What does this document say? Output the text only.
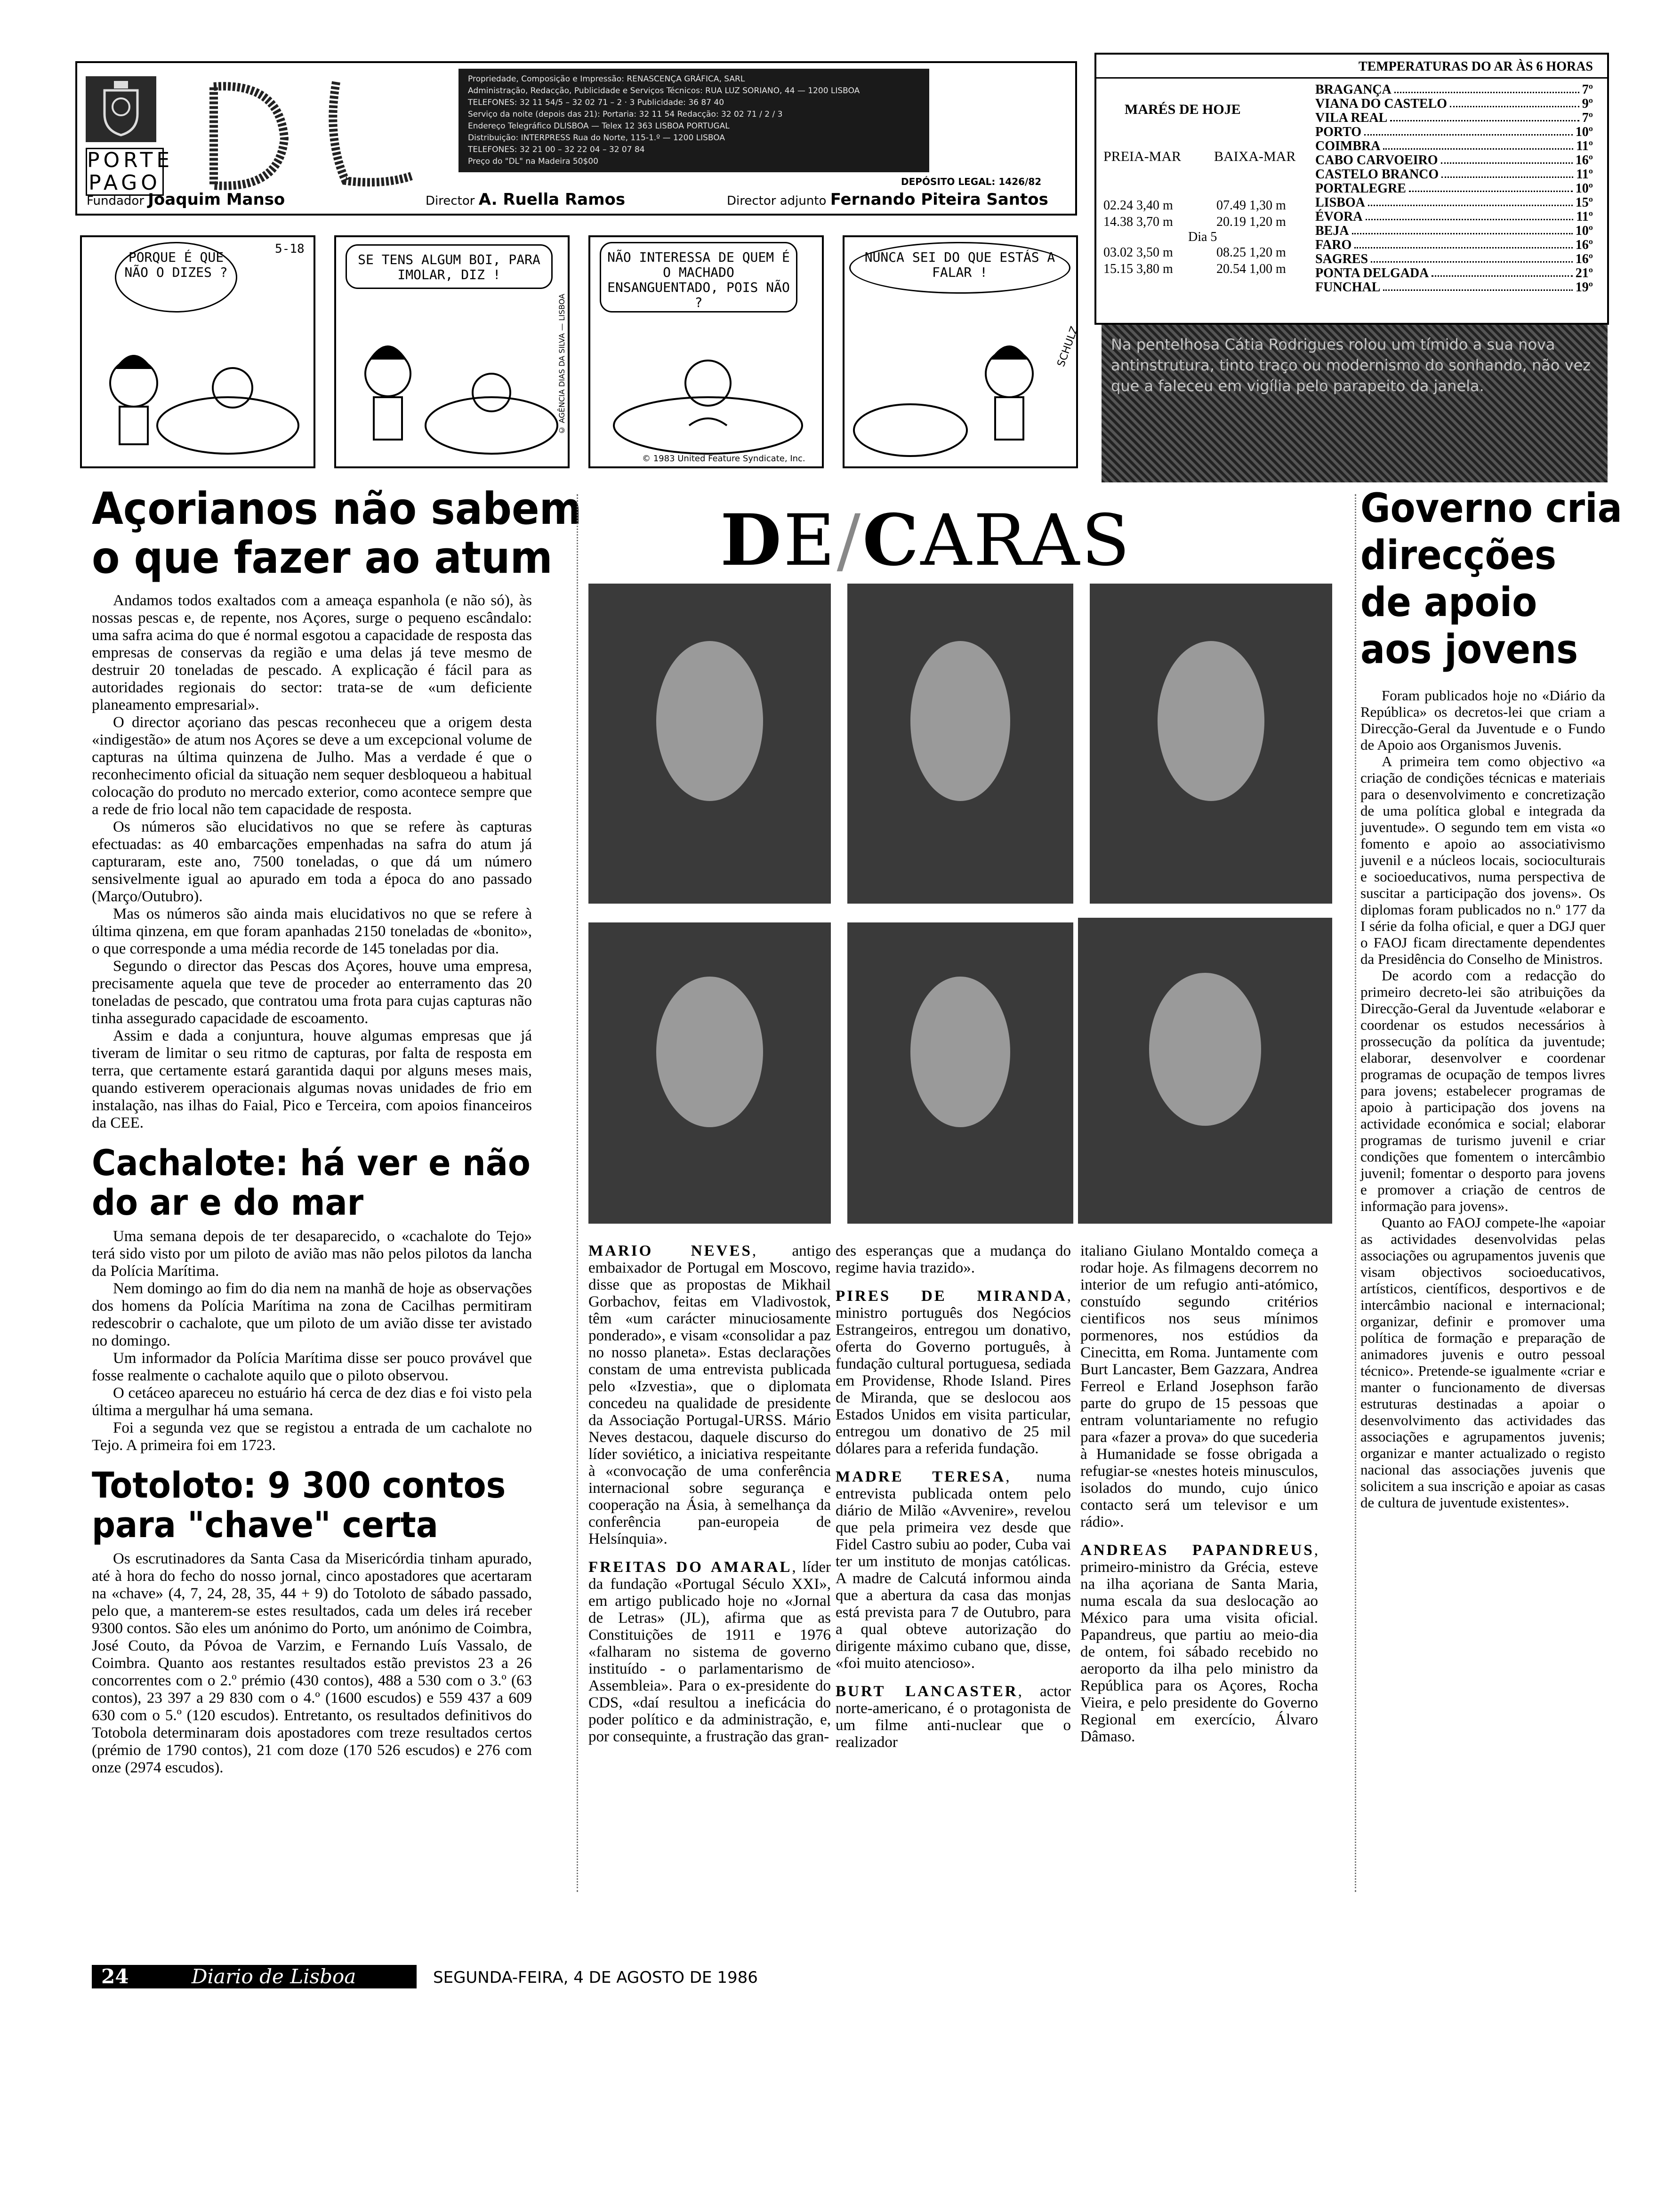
PORTE
PAGO
Propriedade, Composição e Impressão: RENASCENÇA GRÁFICA, SARL
Administração, Redacção, Publicidade e Serviços Técnicos: RUA LUZ SORIANO, 44 — 1200 LISBOA
TELEFONES: 32 11 54/5 – 32 02 71 – 2 · 3 Publicidade: 36 87 40
Serviço da noite (depois das 21): Portaria: 32 11 54 Redacção: 32 02 71 / 2 / 3
Endereço Telegráfico DLISBOA — Telex 12 363 LISBOA PORTUGAL
Distribuição: INTERPRESS Rua do Norte, 115-1.º — 1200 LISBOA
TELEFONES: 32 21 00 – 32 22 04 – 32 07 84
Preço do "DL" na Madeira 50$00
DEPÓSITO LEGAL: 1426/82
Fundador Joaquim Manso	Director A. Ruella Ramos	Director adjunto Fernando Piteira Santos
PORQUE É QUE NÃO O DIZES ?
5-18
SE TENS ALGUM BOI, PARA IMOLAR, DIZ !
© AGÊNCIA DIAS DA SILVA — LISBOA
NÃO INTERESSA DE QUEM É O MACHADO ENSANGUENTADO, POIS NÃO ?
© 1983 United Feature Syndicate, Inc.
NUNCA SEI DO QUE ESTÁS A FALAR !
SCHULZ
TEMPERATURAS DO AR ÀS 6 HORAS
MARÉS DE HOJE
PREIA-MAR BAIXA-MAR
02.24 3,40 m	07.49 1,30 m
14.38 3,70 m	20.19 1,20 m
Dia 5
03.02 3,50 m	08.25 1,20 m
15.15 3,80 m	20.54 1,00 m
BRAGANÇA	7º
VIANA DO CASTELO	9º
VILA REAL	7º
PORTO	10º
COIMBRA	11º
CABO CARVOEIRO	16º
CASTELO BRANCO	11º
PORTALEGRE	10º
LISBOA	15º
ÉVORA	11º
BEJA	10º
FARO	16º
SAGRES	16º
PONTA DELGADA	21º
FUNCHAL	19º
Na pentelhosa Cátia Rodrigues rolou um tímido a sua nova antinstrutura, tinto traço ou modernismo do sonhando, não vez que a faleceu em vigília pelo parapeito da janela.
Açorianos não sabem
o que fazer ao atum

Andamos todos exaltados com a ameaça espanhola (e não só), às nossas pescas e, de repente, nos Açores, surge o pequeno escândalo: uma safra acima do que é normal esgotou a capacidade de resposta das empresas de conservas da região e uma delas já teve mesmo de destruir 20 toneladas de pescado. A explicação é fácil para as autoridades regionais do sector: trata-se de «um deficiente planeamento empresarial».

O director açoriano das pescas reconheceu que a origem desta «indigestão» de atum nos Açores se deve a um excepcional volume de capturas na última quinzena de Julho. Mas a verdade é que o reconhecimento oficial da situação nem sequer desbloqueou a habitual colocação do produto no mercado exterior, como acontece sempre que a rede de frio local não tem capacidade de resposta.

Os números são elucidativos no que se refere às capturas efectuadas: as 40 embarcações empenhadas na safra do atum já capturaram, este ano, 7500 toneladas, o que dá um número sensivelmente igual ao apurado em toda a época do ano passado (Março/Outubro).

Mas os números são ainda mais elucidativos no que se refere à última qinzena, em que foram apanhadas 2150 toneladas de «bonito», o que corresponde a uma média recorde de 145 toneladas por dia.

Segundo o director das Pescas dos Açores, houve uma empresa, precisamente aquela que teve de proceder ao enterramento das 20 toneladas de pescado, que contratou uma frota para cujas capturas não tinha assegurado capacidade de escoamento.

Assim e dada a conjuntura, houve algumas empresas que já tiveram de limitar o seu ritmo de capturas, por falta de resposta em terra, que certamente estará garantida daqui por alguns meses mais, quando estiverem operacionais algumas novas unidades de frio em instalação, nas ilhas do Faial, Pico e Terceira, com apoios financeiros da CEE.

Cachalote: há ver e não
do ar e do mar

Uma semana depois de ter desaparecido, o «cachalote do Tejo» terá sido visto por um piloto de avião mas não pelos pilotos da lancha da Polícia Marítima.

Nem domingo ao fim do dia nem na manhã de hoje as observações dos homens da Polícia Marítima na zona de Cacilhas permitiram redescobrir o cachalote, que um piloto de um avião disse ter avistado no domingo.

Um informador da Polícia Marítima disse ser pouco provável que fosse realmente o cachalote aquilo que o piloto observou.

O cetáceo apareceu no estuário há cerca de dez dias e foi visto pela última a mergulhar há uma semana.

Foi a segunda vez que se registou a entrada de um cachalote no Tejo. A primeira foi em 1723.

Totoloto: 9 300 contos
para "chave" certa

Os escrutinadores da Santa Casa da Misericórdia tinham apurado, até à hora do fecho do nosso jornal, cinco apostadores que acertaram na «chave» (4, 7, 24, 28, 35, 44 + 9) do Totoloto de sábado passado, pelo que, a manterem-se estes resultados, cada um deles irá receber 9300 contos. São eles um anónimo do Porto, um anónimo de Coimbra, José Couto, da Póvoa de Varzim, e Fernando Luís Vassalo, de Coimbra. Quanto aos restantes resultados estão previstos 23 a 26 concorrentes com o 2.º prémio (430 contos), 488 a 530 com o 3.º (63 contos), 23 397 a 29 830 com o 4.º (1600 escudos) e 559 437 a 609 630 com o 5.º (120 escudos). Entretanto, os resultados definitivos do Totobola determinaram dois apostadores com treze resultados certos (prémio de 1790 contos), 21 com doze (170 526 escudos) e 276 com onze (2974 escudos).

DE/CARAS
MARIO NEVES, antigo embaixador de Portugal em Moscovo, disse que as propostas de Mikhail Gorbachov, feitas em Vladivostok, têm «um carácter minuciosamente ponderado», e visam «consolidar a paz no nosso planeta». Estas declarações constam de uma entrevista publicada pelo «Izvestia», que o diplomata concedeu na qualidade de presidente da Associação Portugal-URSS. Mário Neves destacou, daquele discurso do líder soviético, a iniciativa respeitante à «convocação de uma conferência internacional sobre segurança e cooperação na Ásia, à semelhança da conferência pan-europeia de Helsínquia».
FREITAS DO AMARAL, líder da fundação «Portugal Século XXI», em artigo publicado hoje no «Jornal de Letras» (JL), afirma que as Constituições de 1911 e 1976 «falharam no sistema de governo instituído - o parlamentarismo de Assembleia». Para o ex-presidente do CDS, «daí resultou a ineficácia do poder político e da administração, e, por consequinte, a frustração das gran-
des esperanças que a mudança do regime havia trazido».
PIRES DE MIRANDA, ministro português dos Negócios Estrangeiros, entregou um donativo, oferta do Governo português, à fundação cultural portuguesa, sediada em Providense, Rhode Island. Pires de Miranda, que se deslocou aos Estados Unidos em visita particular, entregou um donativo de 25 mil dólares para a referida fundação.
MADRE TERESA, numa entrevista publicada ontem pelo diário de Milão «Avvenire», revelou que pela primeira vez desde que Fidel Castro subiu ao poder, Cuba vai ter um instituto de monjas católicas. A madre de Calcutá informou ainda que a abertura da casa das monjas está prevista para 7 de Outubro, para a qual obteve autorização do dirigente máximo cubano que, disse, «foi muito atencioso».
BURT LANCASTER, actor norte-americano, é o protagonista de um filme anti-nuclear que o realizador
italiano Giulano Montaldo começa a rodar hoje. As filmagens decorrem no interior de um refugio anti-atómico, constuído segundo critérios cientificos nos seus mínimos pormenores, nos estúdios da Cinecitta, em Roma. Juntamente com Burt Lancaster, Bem Gazzara, Andrea Ferreol e Erland Josephson farão parte do grupo de 15 pessoas que entram voluntariamente no refugio para «fazer a prova» do que sucederia à Humanidade se fosse obrigada a refugiar-se «nestes hoteis minusculos, isolados do mundo, cujo único contacto será um televisor e um rádio».
ANDREAS PAPANDREUS, primeiro-ministro da Grécia, esteve na ilha açoriana de Santa Maria, numa escala da sua deslocação ao México para uma visita oficial. Papandreus, que partiu ao meio-dia de ontem, foi sábado recebido no aeroporto da ilha pelo ministro da República para os Açores, Rocha Vieira, e pelo presidente do Governo Regional em exercício, Álvaro Dâmaso.
Governo cria
direcções
de apoio
aos jovens

Foram publicados hoje no «Diário da República» os decretos-lei que criam a Direcção-Geral da Juventude e o Fundo de Apoio aos Organismos Juvenis.

A primeira tem como objectivo «a criação de condições técnicas e materiais para o desenvolvimento e concretização de uma política global e integrada da juventude». O segundo tem em vista «o fomento e apoio ao associativismo juvenil e a núcleos locais, socioculturais e socioeducativos, numa perspectiva de suscitar a participação dos jovens». Os diplomas foram publicados no n.º 177 da I série da folha oficial, e quer a DGJ quer o FAOJ ficam directamente dependentes da Presidência do Conselho de Ministros.

De acordo com a redacção do primeiro decreto-lei são atribuições da Direcção-Geral da Juventude «elaborar e coordenar os estudos necessários à prossecução da política da juventude; elaborar, desenvolver e coordenar programas de ocupação de tempos livres para jovens; estabelecer programas de apoio à participação dos jovens na actividade económica e social; elaborar programas de turismo juvenil e criar condições que fomentem o intercâmbio juvenil; fomentar o desporto para jovens e promover a criação de centros de informação para jovens».

Quanto ao FAOJ compete-lhe «apoiar as actividades desenvolvidas pelas associações ou agrupamentos juvenis que visam objectivos socioeducativos, artísticos, científicos, desportivos e de intercâmbio nacional e internacional; organizar, definir e promover uma política de formação e preparação de animadores juvenis e outro pessoal técnico». Pretende-se igualmente «criar e manter o funcionamento de diversas estruturas destinadas a apoiar o desenvolvimento das actividades das associações e agrupamentos juvenis; organizar e manter actualizado o registo nacional das associações juvenis que solicitem a sua inscrição e apoiar as casas de cultura de juventude existentes».

24	Diario de Lisboa	SEGUNDA-FEIRA, 4 DE AGOSTO DE 1986
